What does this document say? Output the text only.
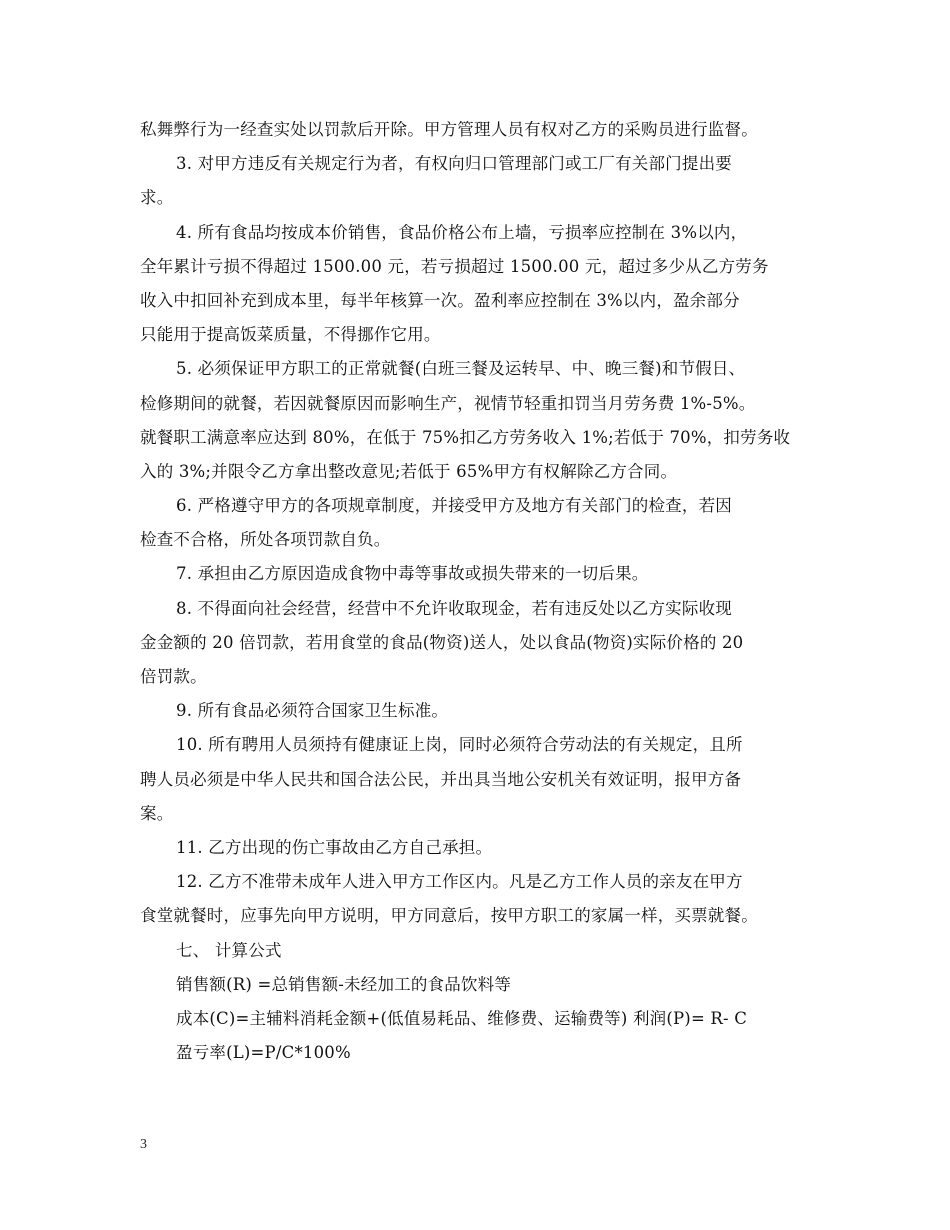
私舞弊行为一经查实处以罚款后开除。甲方管理人员有权对乙方的采购员进行监督。
3. 对甲方违反有关规定行为者，有权向归口管理部门或工厂有关部门提出要
求。
4. 所有食品均按成本价销售，食品价格公布上墙，亏损率应控制在 3%以内，
全年累计亏损不得超过 1500.00 元，若亏损超过 1500.00 元，超过多少从乙方劳务
收入中扣回补充到成本里，每半年核算一次。盈利率应控制在 3%以内，盈余部分
只能用于提高饭菜质量，不得挪作它用。
5. 必须保证甲方职工的正常就餐(白班三餐及运转早、中、晚三餐)和节假日、
检修期间的就餐，若因就餐原因而影响生产，视情节轻重扣罚当月劳务费 1%-5%。
就餐职工满意率应达到 80%，在低于 75%扣乙方劳务收入 1%;若低于 70%，扣劳务收
入的 3%;并限令乙方拿出整改意见;若低于 65%甲方有权解除乙方合同。
6. 严格遵守甲方的各项规章制度，并接受甲方及地方有关部门的检查，若因
检查不合格，所处各项罚款自负。
7. 承担由乙方原因造成食物中毒等事故或损失带来的一切后果。
8. 不得面向社会经营，经营中不允许收取现金，若有违反处以乙方实际收现
金金额的 20 倍罚款，若用食堂的食品(物资)送人，处以食品(物资)实际价格的 20
倍罚款。
9. 所有食品必须符合国家卫生标准。
10. 所有聘用人员须持有健康证上岗，同时必须符合劳动法的有关规定，且所
聘人员必须是中华人民共和国合法公民，并出具当地公安机关有效证明，报甲方备
案。
11. 乙方出现的伤亡事故由乙方自己承担。
12. 乙方不准带未成年人进入甲方工作区内。凡是乙方工作人员的亲友在甲方
食堂就餐时，应事先向甲方说明，甲方同意后，按甲方职工的家属一样，买票就餐。
七、 计算公式
销售额(R) =总销售额-未经加工的食品饮料等
成本(C)=主辅料消耗金额+(低值易耗品、维修费、运输费等) 利润(P)= R- C
盈亏率(L)=P/C*100%
3
